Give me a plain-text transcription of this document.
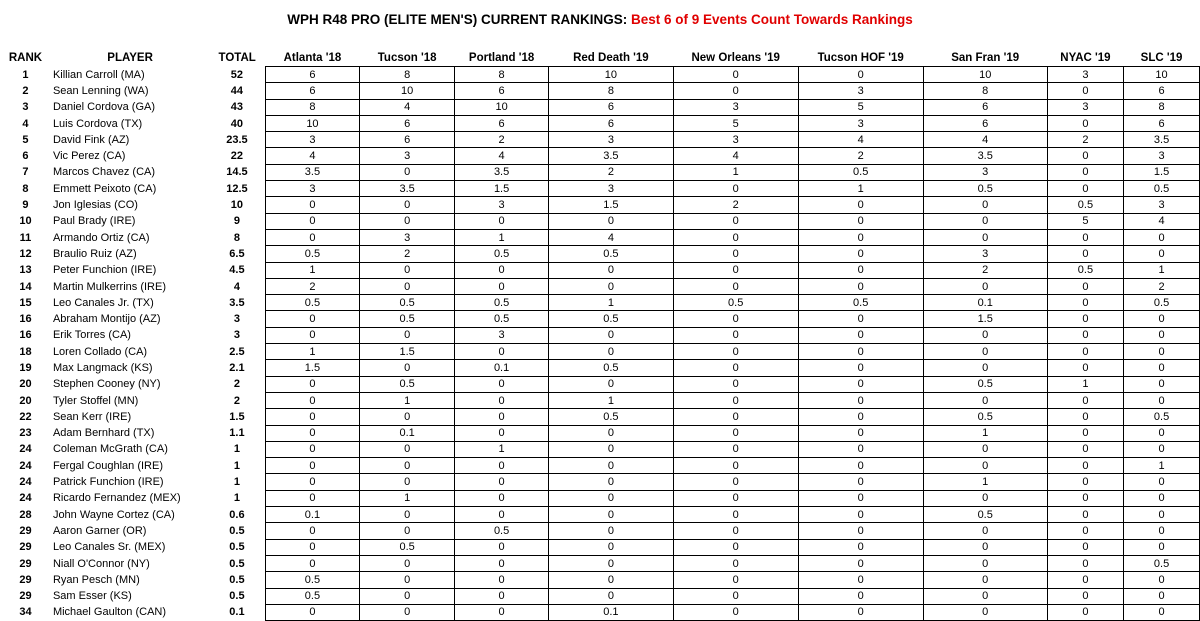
WPH R48 PRO (ELITE MEN'S) CURRENT RANKINGS: Best 6 of 9 Events Count Towards Rankings
RANK	PLAYER	TOTAL	Atlanta '18	Tucson '18	Portland '18	Red Death '19	New Orleans '19	Tucson HOF '19	San Fran '19	NYAC '19	SLC '19
1	Killian Carroll (MA)	52	6	8	8	10	0	0	10	3	10
2	Sean Lenning (WA)	44	6	10	6	8	0	3	8	0	6
3	Daniel Cordova (GA)	43	8	4	10	6	3	5	6	3	8
4	Luis Cordova (TX)	40	10	6	6	6	5	3	6	0	6
5	David Fink (AZ)	23.5	3	6	2	3	3	4	4	2	3.5
6	Vic Perez (CA)	22	4	3	4	3.5	4	2	3.5	0	3
7	Marcos Chavez (CA)	14.5	3.5	0	3.5	2	1	0.5	3	0	1.5
8	Emmett Peixoto (CA)	12.5	3	3.5	1.5	3	0	1	0.5	0	0.5
9	Jon Iglesias (CO)	10	0	0	3	1.5	2	0	0	0.5	3
10	Paul Brady (IRE)	9	0	0	0	0	0	0	0	5	4
11	Armando Ortiz (CA)	8	0	3	1	4	0	0	0	0	0
12	Braulio Ruiz (AZ)	6.5	0.5	2	0.5	0.5	0	0	3	0	0
13	Peter Funchion (IRE)	4.5	1	0	0	0	0	0	2	0.5	1
14	Martin Mulkerrins (IRE)	4	2	0	0	0	0	0	0	0	2
15	Leo Canales Jr. (TX)	3.5	0.5	0.5	0.5	1	0.5	0.5	0.1	0	0.5
16	Abraham Montijo (AZ)	3	0	0.5	0.5	0.5	0	0	1.5	0	0
16	Erik Torres (CA)	3	0	0	3	0	0	0	0	0	0
18	Loren Collado (CA)	2.5	1	1.5	0	0	0	0	0	0	0
19	Max Langmack (KS)	2.1	1.5	0	0.1	0.5	0	0	0	0	0
20	Stephen Cooney (NY)	2	0	0.5	0	0	0	0	0.5	1	0
20	Tyler Stoffel (MN)	2	0	1	0	1	0	0	0	0	0
22	Sean Kerr (IRE)	1.5	0	0	0	0.5	0	0	0.5	0	0.5
23	Adam Bernhard (TX)	1.1	0	0.1	0	0	0	0	1	0	0
24	Coleman McGrath (CA)	1	0	0	1	0	0	0	0	0	0
24	Fergal Coughlan (IRE)	1	0	0	0	0	0	0	0	0	1
24	Patrick Funchion (IRE)	1	0	0	0	0	0	0	1	0	0
24	Ricardo Fernandez (MEX)	1	0	1	0	0	0	0	0	0	0
28	John Wayne Cortez (CA)	0.6	0.1	0	0	0	0	0	0.5	0	0
29	Aaron Garner (OR)	0.5	0	0	0.5	0	0	0	0	0	0
29	Leo Canales Sr. (MEX)	0.5	0	0.5	0	0	0	0	0	0	0
29	Niall O'Connor (NY)	0.5	0	0	0	0	0	0	0	0	0.5
29	Ryan Pesch (MN)	0.5	0.5	0	0	0	0	0	0	0	0
29	Sam Esser (KS)	0.5	0.5	0	0	0	0	0	0	0	0
34	Michael Gaulton (CAN)	0.1	0	0	0	0.1	0	0	0	0	0
